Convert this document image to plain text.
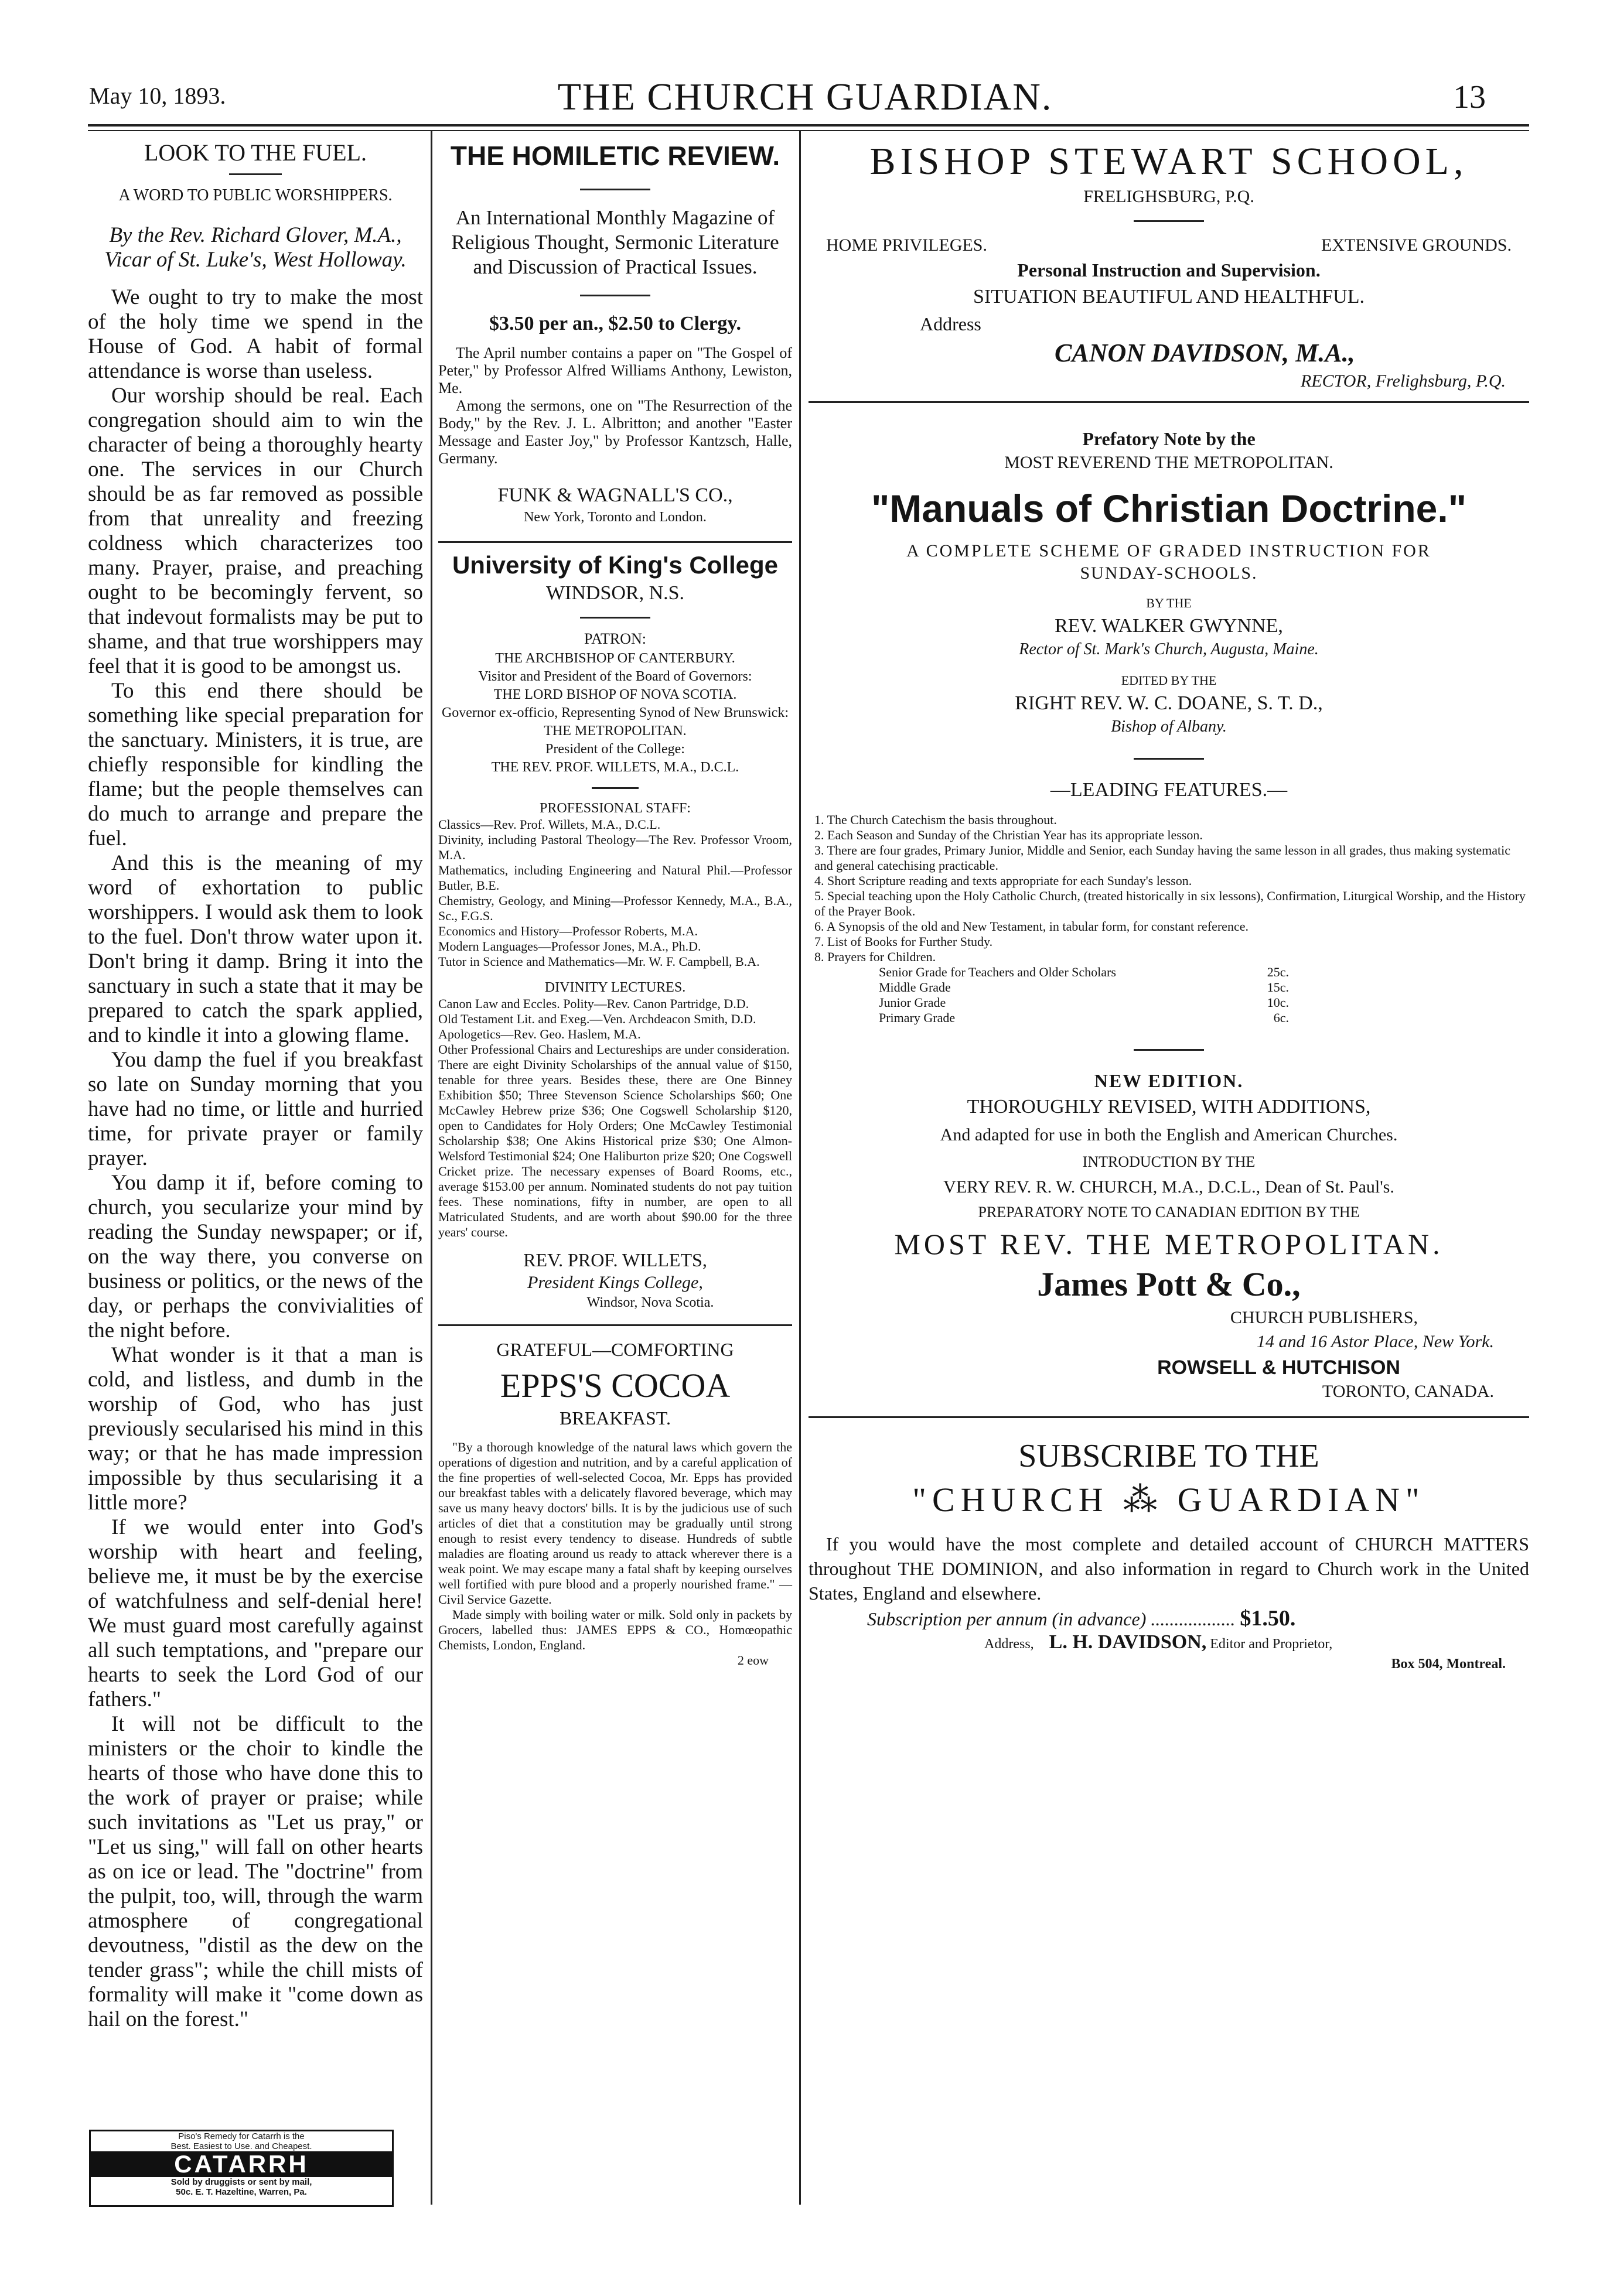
May 10, 1893.	THE CHURCH GUARDIAN.	13
LOOK TO THE FUEL.
A WORD TO PUBLIC WORSHIPPERS.
By the Rev. Richard Glover, M.A.,
Vicar of St. Luke's, West Holloway.

We ought to try to make the most of the holy time we spend in the House of God. A habit of formal attendance is worse than useless.

Our worship should be real. Each congregation should aim to win the character of being a thoroughly hearty one. The services in our Church should be as far removed as possible from that unreality and freezing coldness which characterizes too many. Prayer, praise, and preaching ought to be becomingly fervent, so that indevout formalists may be put to shame, and that true worshippers may feel that it is good to be amongst us.

To this end there should be something like special preparation for the sanctuary. Ministers, it is true, are chiefly responsible for kindling the flame; but the people themselves can do much to arrange and prepare the fuel.

And this is the meaning of my word of exhortation to public worshippers. I would ask them to look to the fuel. Don't throw water upon it. Don't bring it damp. Bring it into the sanctuary in such a state that it may be prepared to catch the spark applied, and to kindle it into a glowing flame.

You damp the fuel if you breakfast so late on Sunday morning that you have had no time, or little and hurried time, for private prayer or family prayer.

You damp it if, before coming to church, you secularize your mind by reading the Sunday newspaper; or if, on the way there, you converse on business or politics, or the news of the day, or perhaps the convivialities of the night before.

What wonder is it that a man is cold, and listless, and dumb in the worship of God, who has just previously secularised his mind in this way; or that he has made impression impossible by thus secularising it a little more?

If we would enter into God's worship with heart and feeling, believe me, it must be by the exercise of watchfulness and self-denial here! We must guard most carefully against all such temptations, and "prepare our hearts to seek the Lord God of our fathers."

It will not be difficult to the ministers or the choir to kindle the hearts of those who have done this to the work of prayer or praise; while such invitations as "Let us pray," or "Let us sing," will fall on other hearts as on ice or lead. The "doctrine" from the pulpit, too, will, through the warm atmosphere of congregational devoutness, "distil as the dew on the tender grass"; while the chill mists of formality will make it "come down as hail on the forest."

Piso's Remedy for Catarrh is the
Best. Easiest to Use. and Cheapest.
CATARRH
Sold by druggists or sent by mail,
50c. E. T. Hazeltine, Warren, Pa.
THE HOMILETIC REVIEW.
An International Monthly Magazine of Religious Thought, Sermonic Literature and Discussion of Practical Issues.
$3.50 per an., $2.50 to Clergy.
The April number contains a paper on "The Gospel of Peter," by Professor Alfred Williams Anthony, Lewiston, Me.
Among the sermons, one on "The Resurrection of the Body," by the Rev. J. L. Albritton; and another "Easter Message and Easter Joy," by Professor Kantzsch, Halle, Germany.
FUNK & WAGNALL'S CO.,
New York, Toronto and London.
University of King's College
WINDSOR, N.S.
PATRON:
THE ARCHBISHOP OF CANTERBURY.
Visitor and President of the Board of Governors:
THE LORD BISHOP OF NOVA SCOTIA.
Governor ex-officio, Representing Synod of New Brunswick:
THE METROPOLITAN.
President of the College:
THE REV. PROF. WILLETS, M.A., D.C.L.
PROFESSIONAL STAFF:

Classics—Rev. Prof. Willets, M.A., D.C.L.

Divinity, including Pastoral Theology—The Rev. Professor Vroom, M.A.

Mathematics, including Engineering and Natural Phil.—Professor Butler, B.E.

Chemistry, Geology, and Mining—Professor Kennedy, M.A., B.A., Sc., F.G.S.

Economics and History—Professor Roberts, M.A.

Modern Languages—Professor Jones, M.A., Ph.D.

Tutor in Science and Mathematics—Mr. W. F. Campbell, B.A.

DIVINITY LECTURES.

Canon Law and Eccles. Polity—Rev. Canon Partridge, D.D.

Old Testament Lit. and Exeg.—Ven. Archdeacon Smith, D.D.

Apologetics—Rev. Geo. Haslem, M.A.

Other Professional Chairs and Lectureships are under consideration.

There are eight Divinity Scholarships of the annual value of $150, tenable for three years. Besides these, there are One Binney Exhibition $50; Three Stevenson Science Scholarships $60; One McCawley Hebrew prize $36; One Cogswell Scholarship $120, open to Candidates for Holy Orders; One McCawley Testimonial Scholarship $38; One Akins Historical prize $30; One Almon-Welsford Testimonial $24; One Haliburton prize $20; One Cogswell Cricket prize. The necessary expenses of Board Rooms, etc., average $153.00 per annum. Nominated students do not pay tuition fees. These nominations, fifty in number, are open to all Matriculated Students, and are worth about $90.00 for the three years' course.

REV. PROF. WILLETS,
President Kings College,
Windsor, Nova Scotia.
GRATEFUL—COMFORTING
EPPS'S COCOA
BREAKFAST.
"By a thorough knowledge of the natural laws which govern the operations of digestion and nutrition, and by a careful application of the fine properties of well-selected Cocoa, Mr. Epps has provided our breakfast tables with a delicately flavored beverage, which may save us many heavy doctors' bills. It is by the judicious use of such articles of diet that a constitution may be gradually until strong enough to resist every tendency to disease. Hundreds of subtle maladies are floating around us ready to attack wherever there is a weak point. We may escape many a fatal shaft by keeping ourselves well fortified with pure blood and a properly nourished frame." —Civil Service Gazette.
Made simply with boiling water or milk. Sold only in packets by Grocers, labelled thus: JAMES EPPS & CO., Homœopathic Chemists, London, England.
2 eow
BISHOP STEWART SCHOOL,
FRELIGHSBURG, P.Q.
HOME PRIVILEGES.	EXTENSIVE GROUNDS.
Personal Instruction and Supervision.
SITUATION BEAUTIFUL AND HEALTHFUL.
Address
CANON DAVIDSON, M.A.,
RECTOR, Frelighsburg, P.Q.
Prefatory Note by the
MOST REVEREND THE METROPOLITAN.
"Manuals of Christian Doctrine."
A COMPLETE SCHEME OF GRADED INSTRUCTION FOR
SUNDAY-SCHOOLS.
BY THE
REV. WALKER GWYNNE,
Rector of St. Mark's Church, Augusta, Maine.
EDITED BY THE
RIGHT REV. W. C. DOANE, S. T. D.,
Bishop of Albany.
—LEADING FEATURES.—

1. The Church Catechism the basis throughout.

2. Each Season and Sunday of the Christian Year has its appropriate lesson.

3. There are four grades, Primary Junior, Middle and Senior, each Sunday having the same lesson in all grades, thus making systematic and general catechising practicable.

4. Short Scripture reading and texts appropriate for each Sunday's lesson.

5. Special teaching upon the Holy Catholic Church, (treated historically in six lessons), Confirmation, Liturgical Worship, and the History of the Prayer Book.

6. A Synopsis of the old and New Testament, in tabular form, for constant reference.

7. List of Books for Further Study.

8. Prayers for Children.

Senior Grade for Teachers and Older Scholars	25c.
Middle Grade	15c.
Junior Grade	10c.
Primary Grade	6c.
NEW EDITION.
THOROUGHLY REVISED, WITH ADDITIONS,
And adapted for use in both the English and American Churches.
INTRODUCTION BY THE
VERY REV. R. W. CHURCH, M.A., D.C.L., Dean of St. Paul's.
PREPARATORY NOTE TO CANADIAN EDITION BY THE
MOST REV. THE METROPOLITAN.
James Pott & Co.,
CHURCH PUBLISHERS,
14 and 16 Astor Place, New York.
ROWSELL & HUTCHISON
TORONTO, CANADA.
SUBSCRIBE TO THE
"CHURCH ⁂ GUARDIAN"
If you would have the most complete and detailed account of CHURCH MATTERS throughout THE DOMINION, and also information in regard to Church work in the United States, England and elsewhere.
Subscription per annum (in advance) .................. $1.50.
Address, L. H. DAVIDSON, Editor and Proprietor,
Box 504, Montreal.
